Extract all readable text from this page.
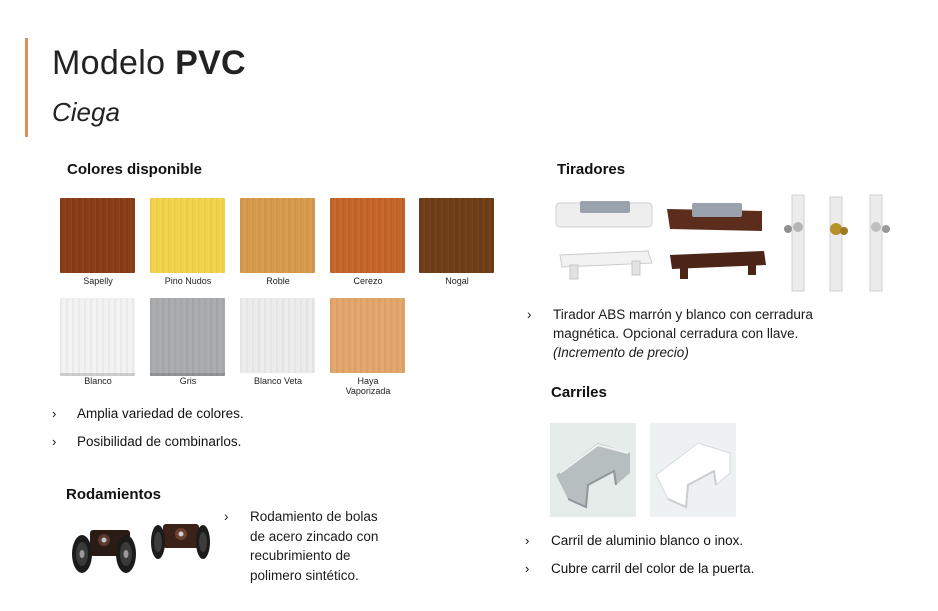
Modelo PVC
Ciega
Colores disponible
Sapelly	Pino Nudos	Roble	Cerezo	Nogal
Blanco	Gris	Blanco Veta	Haya Vaporizada
› Amplia variedad de colores.
› Posibilidad de combinarlos.
Rodamientos
› Rodamiento de bolas
de acero zincado con
recubrimiento de
polimero sintético.
Tiradores
› Tirador ABS marrón y blanco con cerradura
magnética. Opcional cerradura con llave.
(Incremento de precio)
Carriles
› Carril de aluminio blanco o inox.
› Cubre carril del color de la puerta.
